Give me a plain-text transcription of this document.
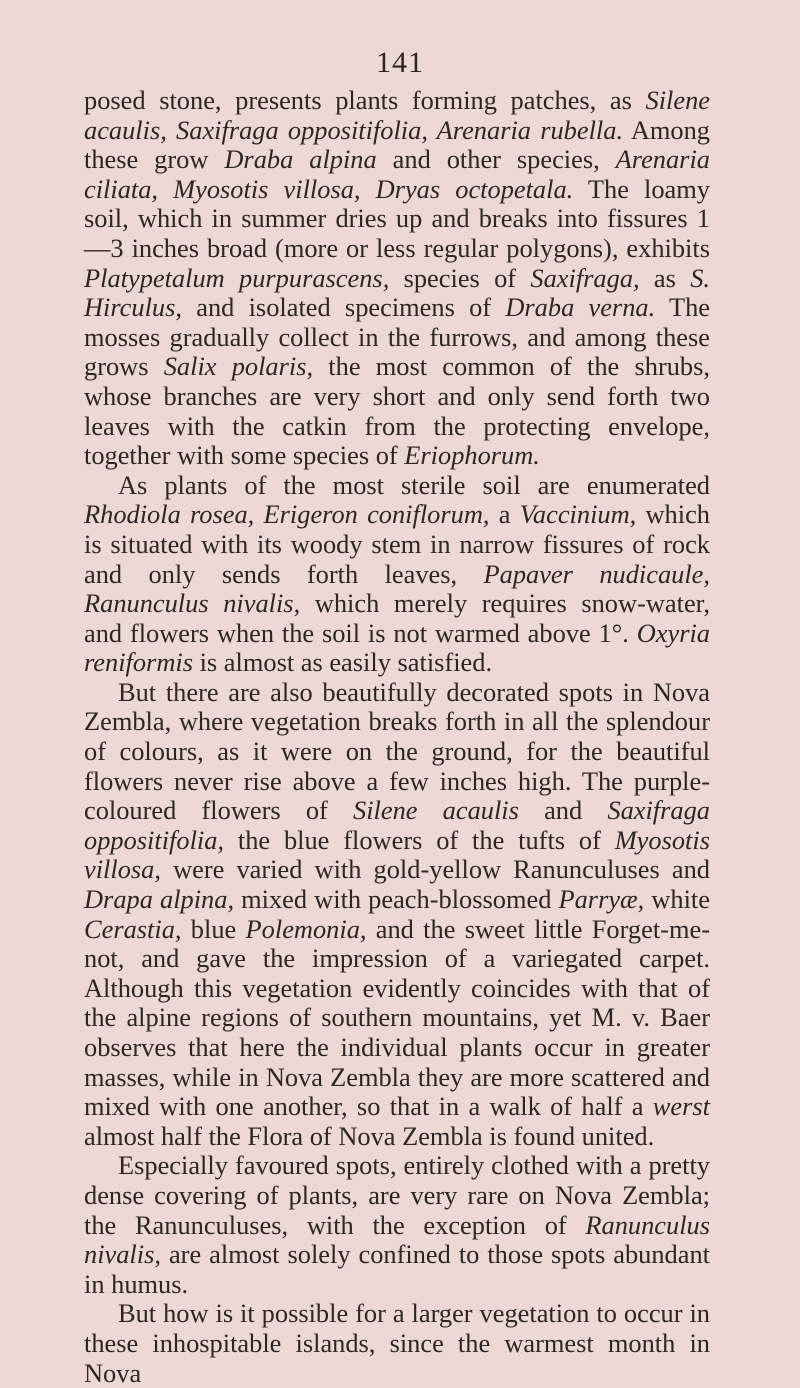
141

posed stone, presents plants forming patches, as Silene acaulis, Saxifraga oppositifolia, Arenaria rubella. Among these grow Draba alpina and other species, Arenaria ciliata, Myosotis villosa, Dryas octopetala. The loamy soil, which in summer dries up and breaks into fissures 1—3 inches broad (more or less regular polygons), exhibits Platypetalum purpurascens, species of Saxifraga, as S. Hirculus, and isolated specimens of Draba verna. The mosses gradually collect in the furrows, and among these grows Salix polaris, the most common of the shrubs, whose branches are very short and only send forth two leaves with the catkin from the protecting envelope, together with some species of Eriophorum.

As plants of the most sterile soil are enumerated Rhodiola rosea, Erigeron coniflorum, a Vaccinium, which is situated with its woody stem in narrow fissures of rock and only sends forth leaves, Papaver nudicaule, Ranunculus nivalis, which merely requires snow-water, and flowers when the soil is not warmed above 1°. Oxyria reniformis is almost as easily satisfied.

But there are also beautifully decorated spots in Nova Zembla, where vegetation breaks forth in all the splendour of colours, as it were on the ground, for the beautiful flowers never rise above a few inches high. The purple-coloured flowers of Silene acaulis and Saxifraga oppositifolia, the blue flowers of the tufts of Myosotis villosa, were varied with gold-yellow Ranunculuses and Drapa alpina, mixed with peach-blossomed Parryæ, white Cerastia, blue Polemonia, and the sweet little Forget-me-not, and gave the impression of a variegated carpet. Although this vegetation evidently coincides with that of the alpine regions of southern mountains, yet M. v. Baer observes that here the individual plants occur in greater masses, while in Nova Zembla they are more scattered and mixed with one another, so that in a walk of half a werst almost half the Flora of Nova Zembla is found united.

Especially favoured spots, entirely clothed with a pretty dense covering of plants, are very rare on Nova Zembla; the Ranunculuses, with the exception of Ranunculus nivalis, are almost solely confined to those spots abundant in humus.

But how is it possible for a larger vegetation to occur in these inhospitable islands, since the warmest month in Nova
